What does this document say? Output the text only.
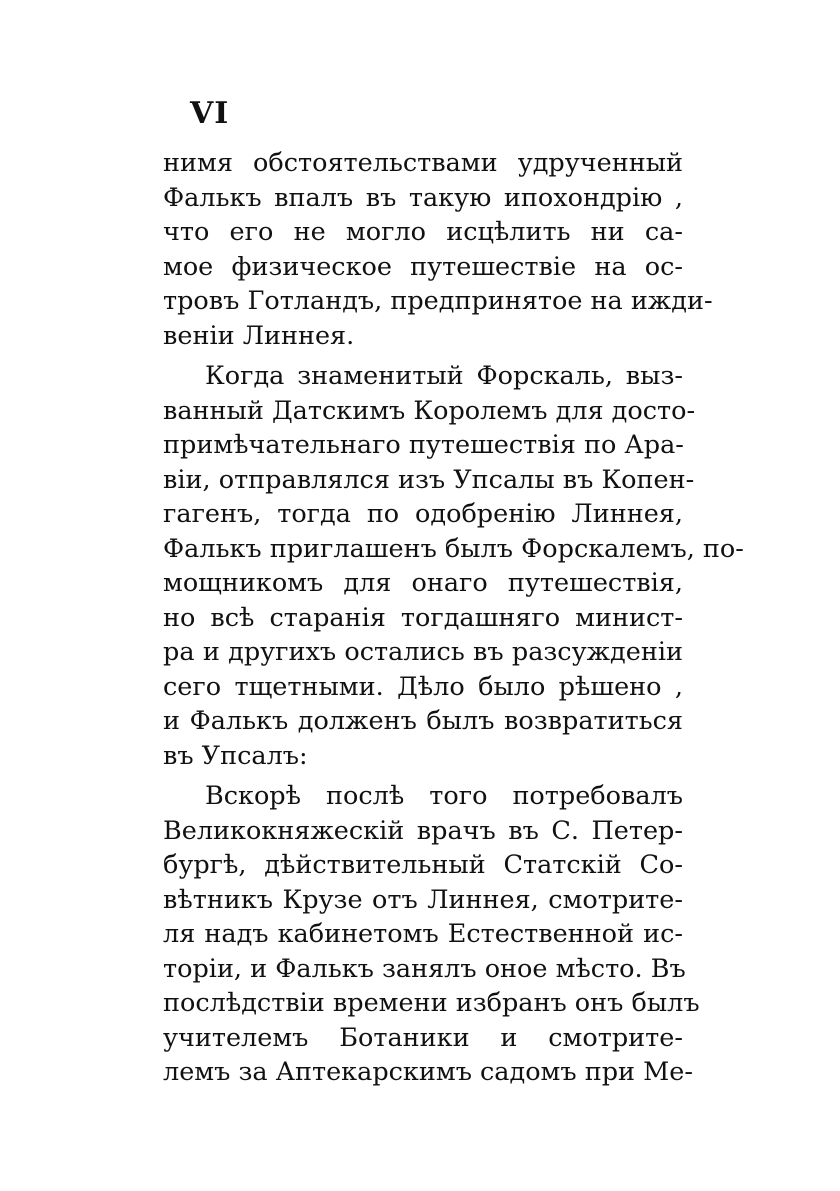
VI
нимя обстоятельствами удрученный
Фалькъ впалъ въ такую ипохондрію ,
что его не могло исцѣлить ни са-
мое физическое путешествіе на ос-
тровъ Готландъ, предпринятое на ижди-
веніи Линнея.
Когда знаменитый Форскаль, выз-
ванный Датскимъ Королемъ для досто-
примѣчательнаго путешествія по Ара-
віи, отправлялся изъ Упсалы въ Копен-
гагенъ, тогда по одобренію Линнея,
Фалькъ приглашенъ былъ Форскалемъ, по-
мощникомъ для онаго путешествія,
но всѣ старанія тогдашняго минист-
ра и другихъ остались въ разсужденіи
сего тщетными. Дѣло было рѣшено ,
и Фалькъ долженъ былъ возвратиться
въ Упсалъ:
Вскорѣ послѣ того потребовалъ
Великокняжескій врачъ въ С. Петер-
бургѣ, дѣйствительный Статскій Со-
вѣтникъ Крузе отъ Линнея, смотрите-
ля надъ кабинетомъ Естественной ис-
торіи, и Фалькъ занялъ оное мѣсто. Въ
послѣдствіи времени избранъ онъ былъ
учителемъ Ботаники и смотрите-
лемъ за Аптекарскимъ садомъ при Ме-
